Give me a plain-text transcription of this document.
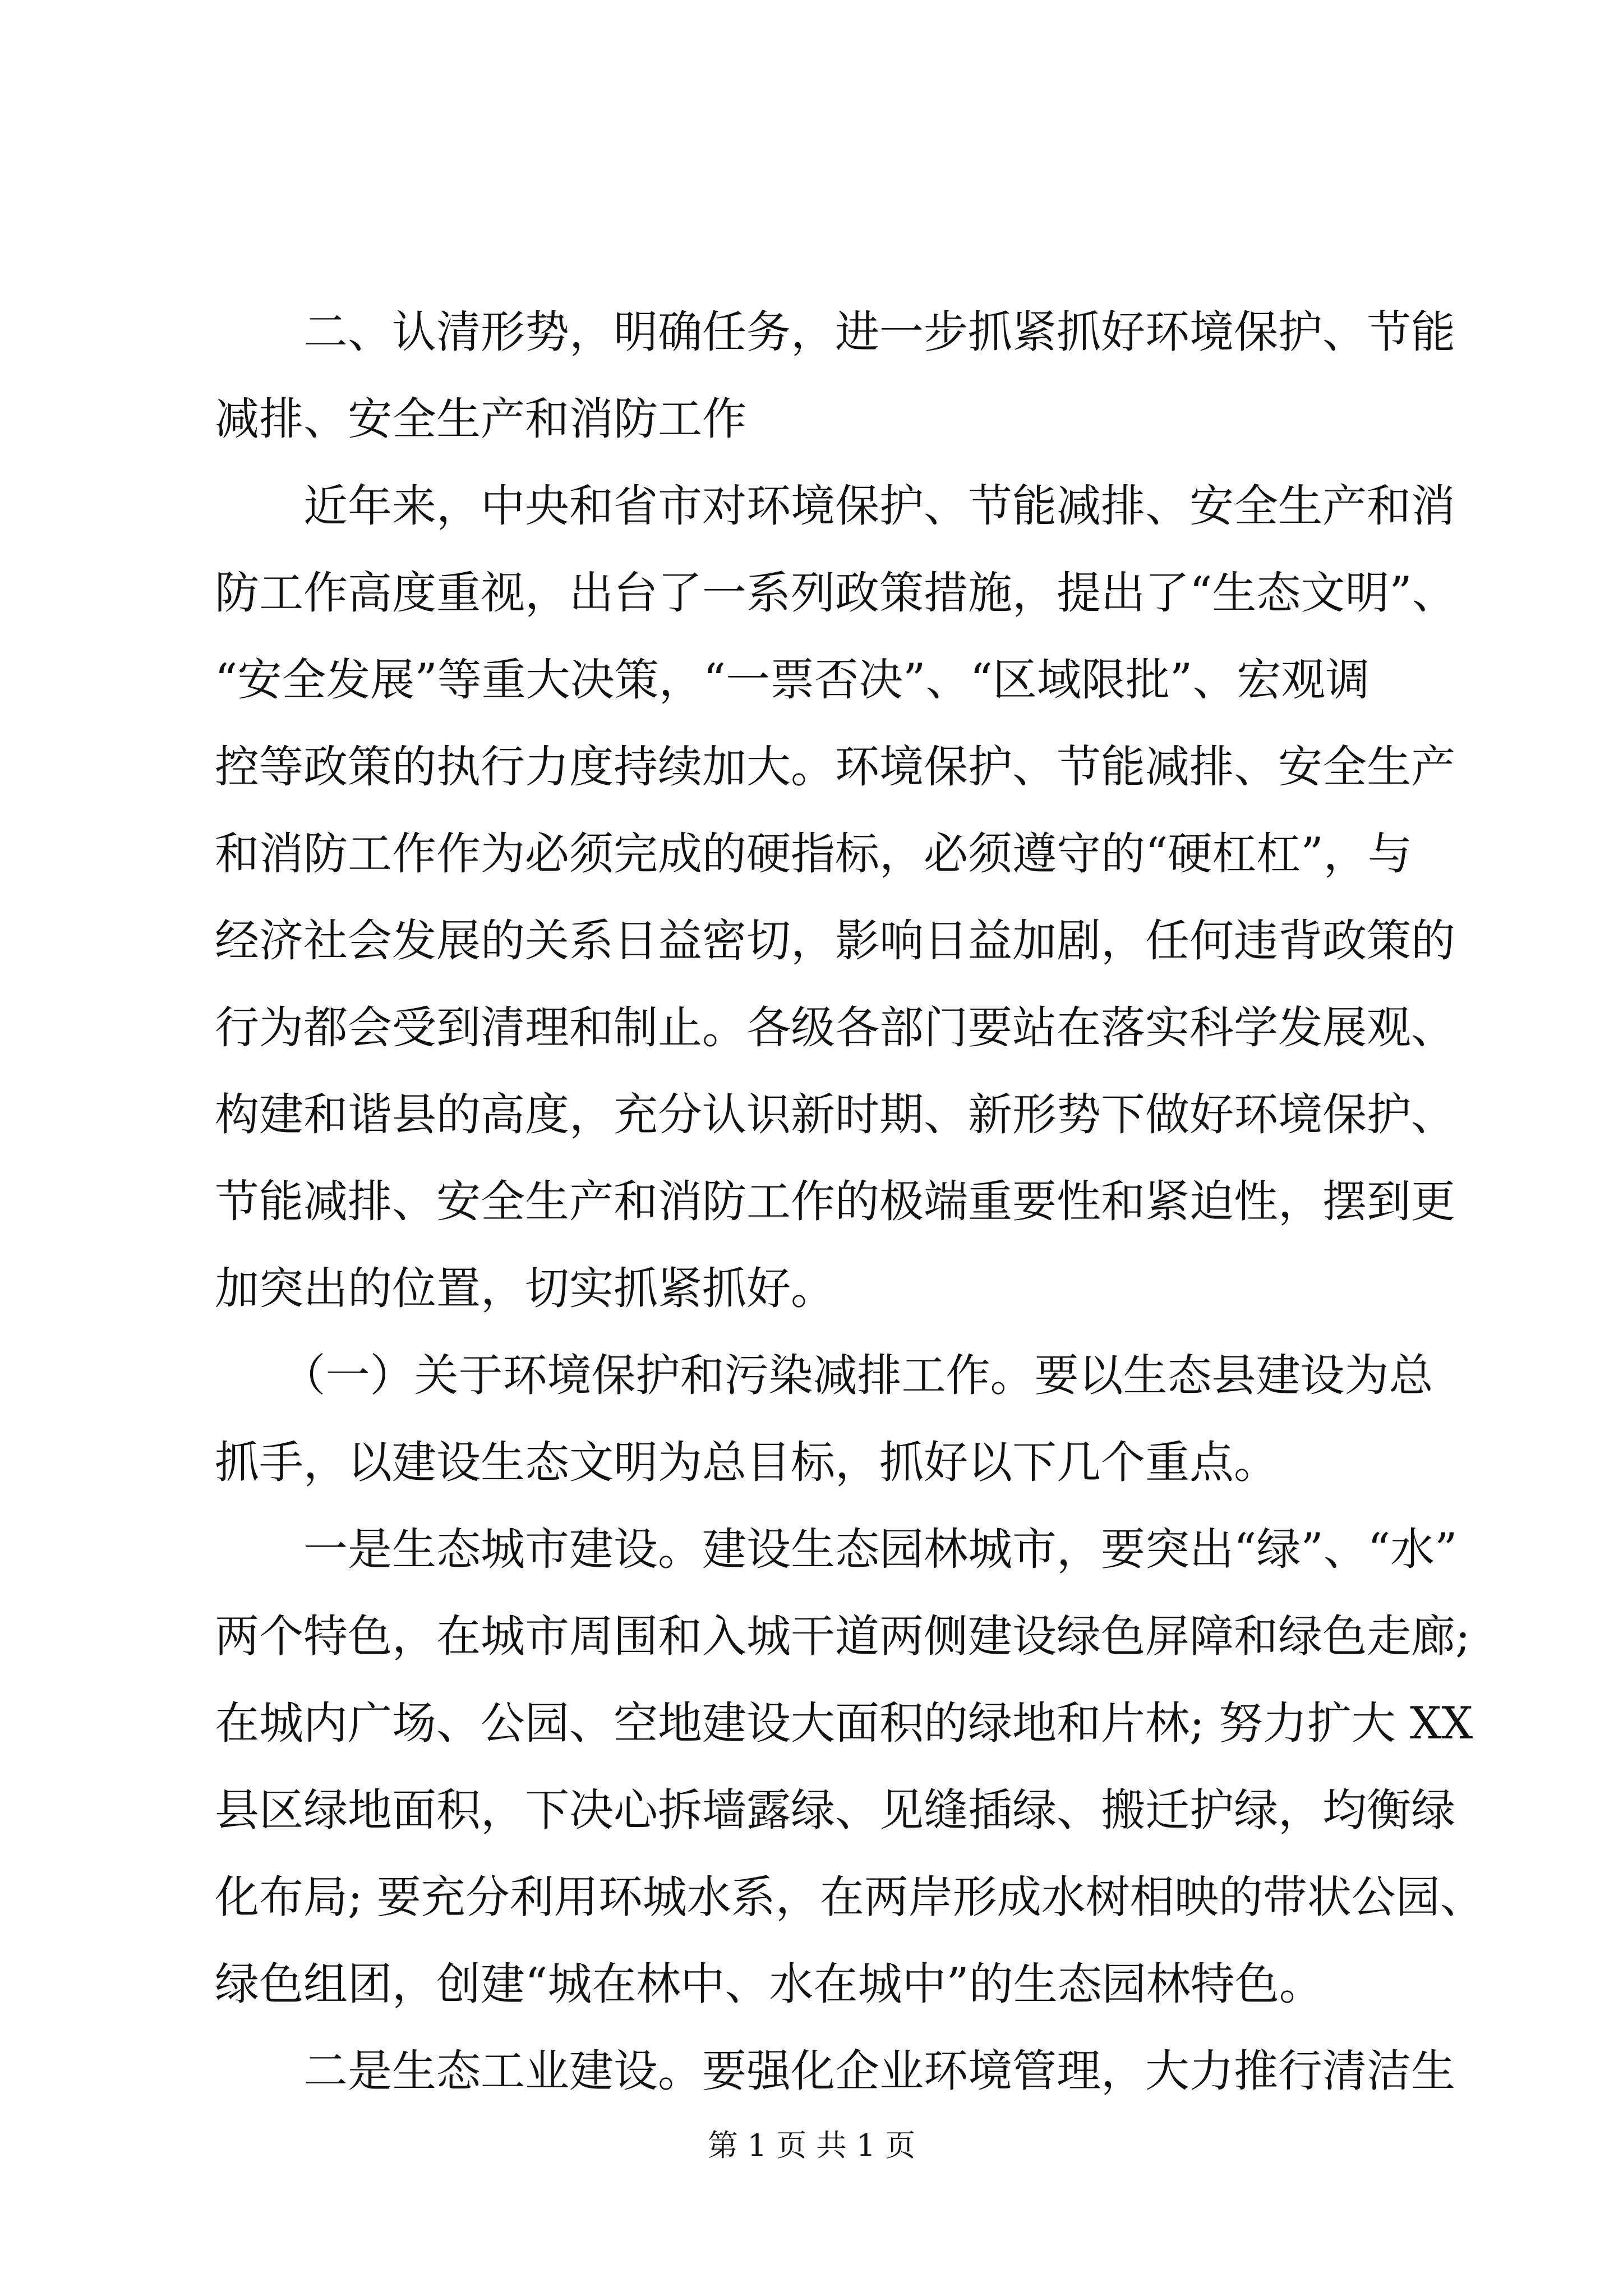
　　二、认清形势，明确任务，进一步抓紧抓好环境保护、节能
减排、安全生产和消防工作
　　近年来，中央和省市对环境保护、节能减排、安全生产和消
防工作高度重视，出台了一系列政策措施，提出了“生态文明”、
“安全发展”等重大决策，“一票否决”、“区域限批”、宏观调
控等政策的执行力度持续加大。环境保护、节能减排、安全生产
和消防工作作为必须完成的硬指标，必须遵守的“硬杠杠”，与
经济社会发展的关系日益密切，影响日益加剧，任何违背政策的
行为都会受到清理和制止。各级各部门要站在落实科学发展观、
构建和谐县的高度，充分认识新时期、新形势下做好环境保护、
节能减排、安全生产和消防工作的极端重要性和紧迫性，摆到更
加突出的位置，切实抓紧抓好。
　　（一）关于环境保护和污染减排工作。要以生态县建设为总
抓手，以建设生态文明为总目标，抓好以下几个重点。
　　一是生态城市建设。建设生态园林城市，要突出“绿”、“水”
两个特色，在城市周围和入城干道两侧建设绿色屏障和绿色走廊;
在城内广场、公园、空地建设大面积的绿地和片林; 努力扩大 XX
县区绿地面积，下决心拆墙露绿、见缝插绿、搬迁护绿，均衡绿
化布局; 要充分利用环城水系，在两岸形成水树相映的带状公园、
绿色组团，创建“城在林中、水在城中”的生态园林特色。
　　二是生态工业建设。要强化企业环境管理，大力推行清洁生
第 1 页 共 1 页
